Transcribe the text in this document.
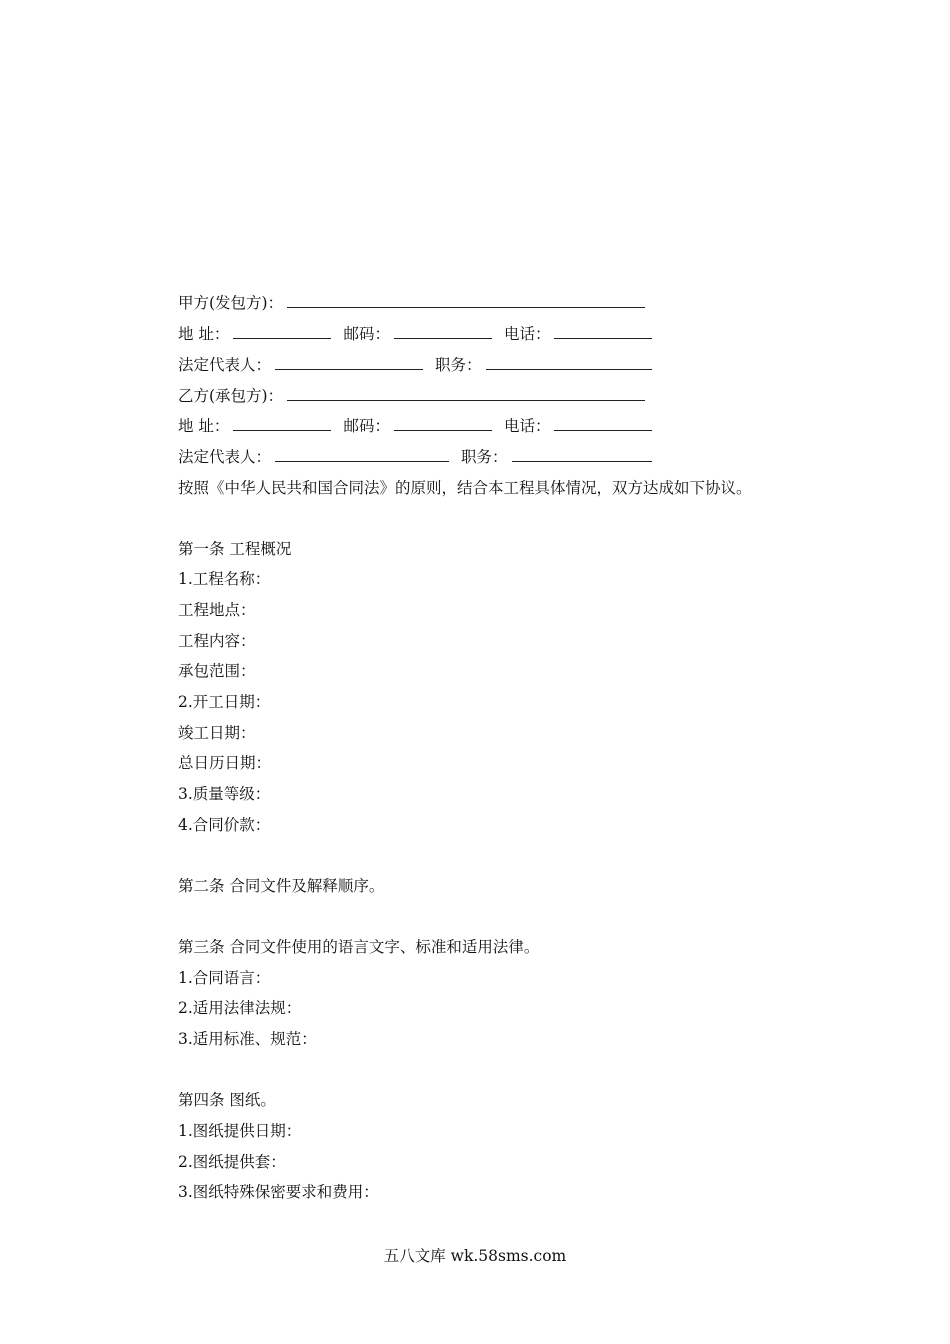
甲方(发包方)：
地 址：	邮码：	电话：
法定代表人：	职务：
乙方(承包方)：
地 址：	邮码：	电话：
法定代表人：	职务：
按照《中华人民共和国合同法》的原则，结合本工程具体情况，双方达成如下协议。
第一条 工程概况
1.工程名称：
工程地点：
工程内容：
承包范围：
2.开工日期：
竣工日期：
总日历日期：
3.质量等级：
4.合同价款：
第二条 合同文件及解释顺序。
第三条 合同文件使用的语言文字、标准和适用法律。
1.合同语言：
2.适用法律法规：
3.适用标准、规范：
第四条 图纸。
1.图纸提供日期：
2.图纸提供套：
3.图纸特殊保密要求和费用：
五八文库 wk.58sms.com
